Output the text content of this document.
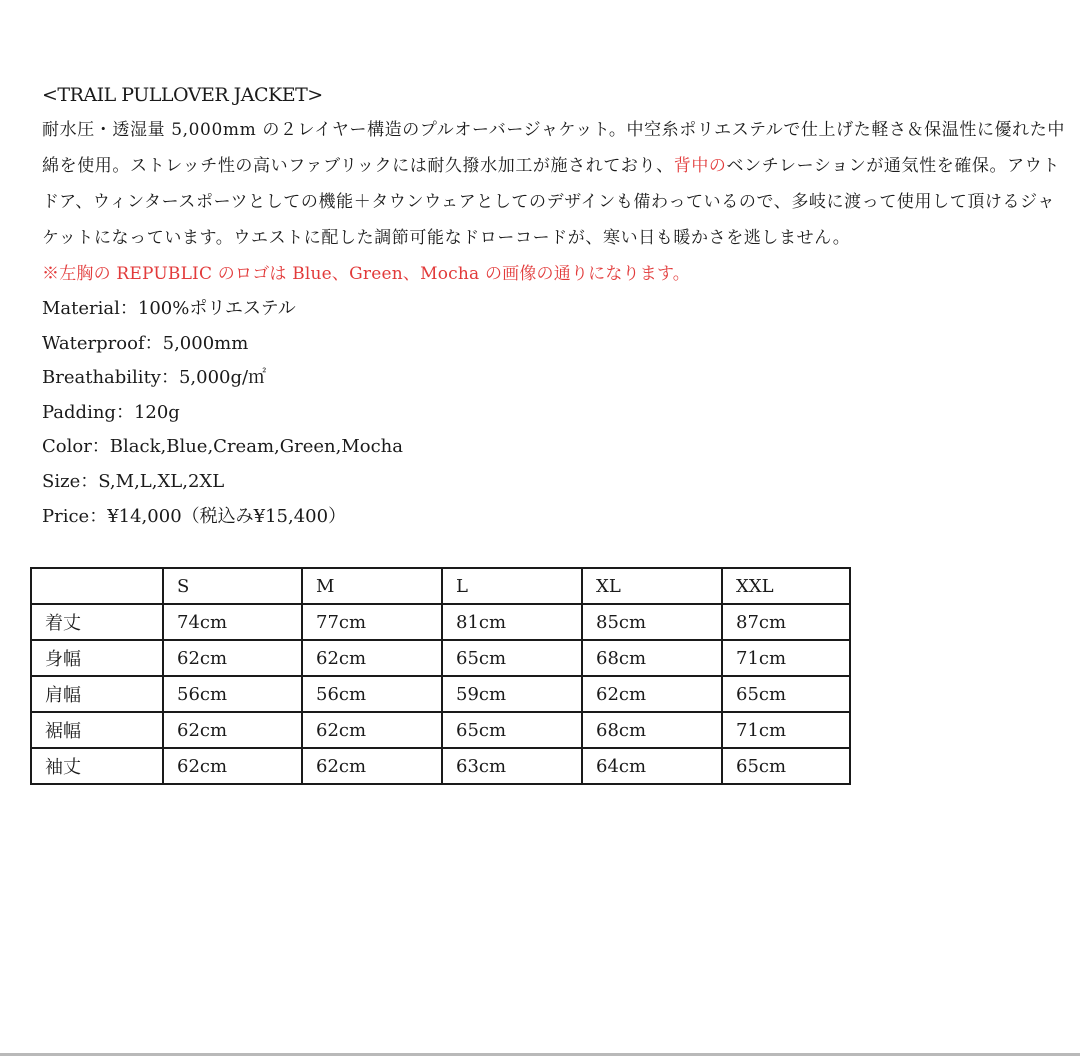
<TRAIL PULLOVER JACKET>

耐水圧・透湿量 5,000mm の２レイヤー構造のプルオーバージャケット。中空糸ポリエステルで仕上げた軽さ＆保温性に優れた中綿を使用。ストレッチ性の高いファブリックには耐久撥水加工が施されており、背中のベンチレーションが通気性を確保。アウトドア、ウィンタースポーツとしての機能＋タウンウェアとしてのデザインも備わっているので、多岐に渡って使用して頂けるジャケットになっています。ウエストに配した調節可能なドローコードが、寒い日も暖かさを逃しません。

※左胸の REPUBLIC のロゴは Blue、Green、Mocha の画像の通りになります。
Material：100%ポリエステル
Waterproof：5,000mm
Breathability：5,000g/㎡
Padding：120g
Color：Black,Blue,Cream,Green,Mocha
Size：S,M,L,XL,2XL
Price：¥14,000（税込み¥15,400）
	S	M	L	XL	XXL
着丈	74cm	77cm	81cm	85cm	87cm
身幅	62cm	62cm	65cm	68cm	71cm
肩幅	56cm	56cm	59cm	62cm	65cm
裾幅	62cm	62cm	65cm	68cm	71cm
袖丈	62cm	62cm	63cm	64cm	65cm
